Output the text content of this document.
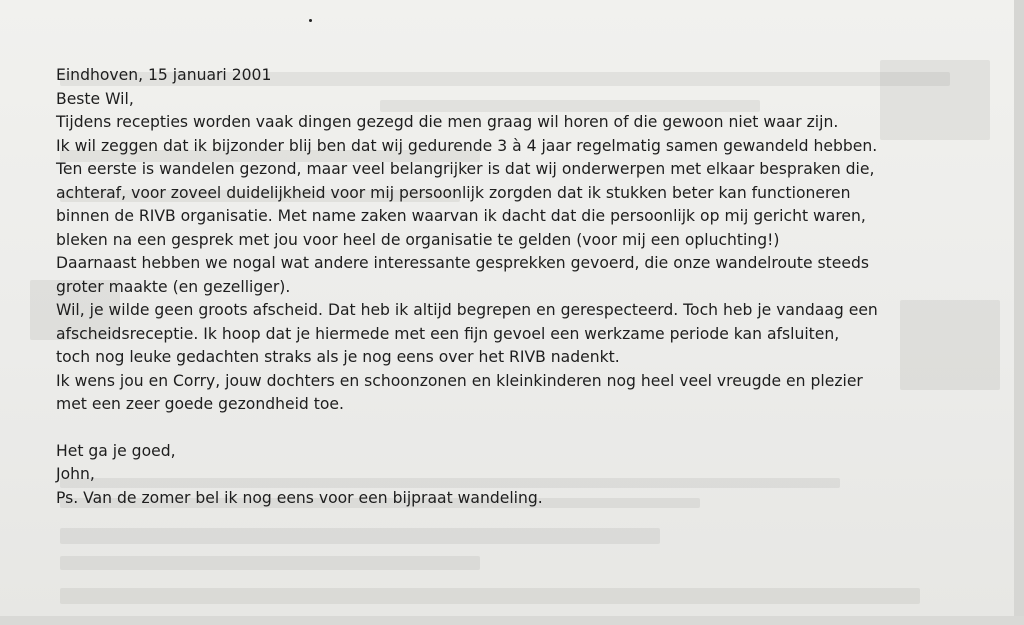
Eindhoven, 15 januari 2001

Beste Wil,

Tijdens recepties worden vaak dingen gezegd die men graag wil horen of die gewoon niet waar zijn.

Ik wil zeggen dat ik bijzonder blij ben dat wij gedurende 3 à 4 jaar regelmatig samen gewandeld hebben.

Ten eerste is wandelen gezond, maar veel belangrijker is dat wij onderwerpen met elkaar bespraken die,

achteraf, voor zoveel duidelijkheid voor mij persoonlijk zorgden dat ik stukken beter kan functioneren

binnen de RIVB organisatie. Met name zaken waarvan ik dacht dat die persoonlijk op mij gericht waren,

bleken na een gesprek met jou voor heel de organisatie te gelden (voor mij een opluchting!)

Daarnaast hebben we nogal wat andere interessante gesprekken gevoerd, die onze wandelroute steeds

groter maakte (en gezelliger).

Wil, je wilde geen groots afscheid. Dat heb ik altijd begrepen en gerespecteerd. Toch heb je vandaag een

afscheidsreceptie. Ik hoop dat je hiermede met een fijn gevoel een werkzame periode kan afsluiten,

toch nog leuke gedachten straks als je nog eens over het RIVB nadenkt.

Ik wens jou en Corry, jouw dochters en schoonzonen en kleinkinderen nog heel veel vreugde en plezier

met een zeer goede gezondheid toe.

Het ga je goed,

John,

Ps. Van de zomer bel ik nog eens voor een bijpraat wandeling.
